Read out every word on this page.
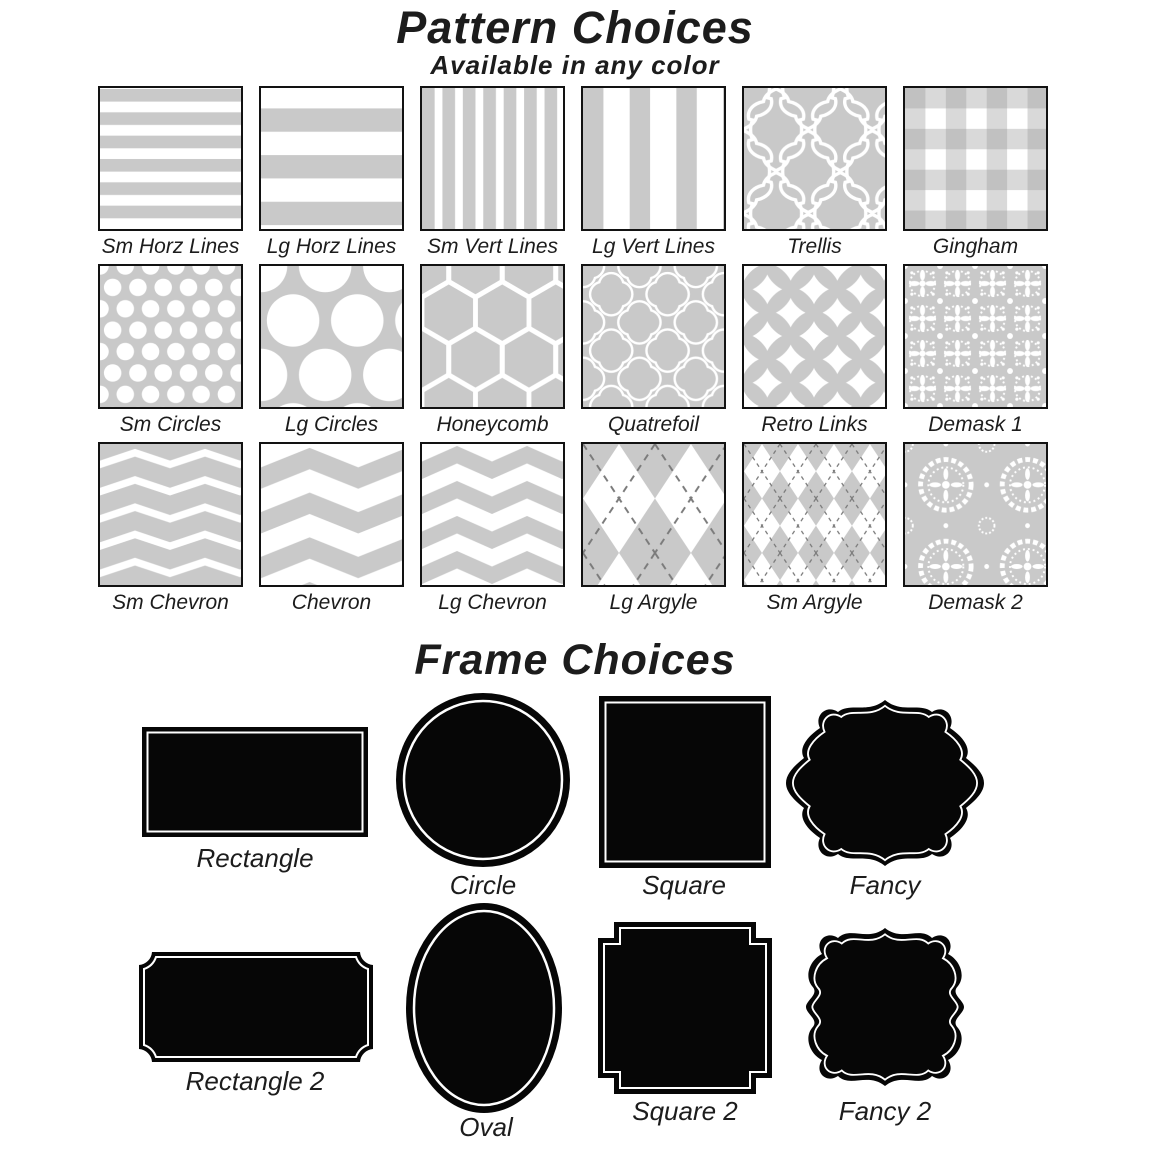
Pattern Choices
Available in any color
Sm Horz Lines	Lg Horz Lines	Sm Vert Lines	Lg Vert Lines	Trellis	Gingham
Sm Circles	Lg Circles	Honeycomb	Quatrefoil	Retro Links	Demask 1
Sm Chevron	Chevron	Lg Chevron	Lg Argyle	Sm Argyle	Demask 2
Frame Choices
Rectangle
Circle	Square	Fancy
Rectangle 2
Oval
Square 2	Fancy 2
